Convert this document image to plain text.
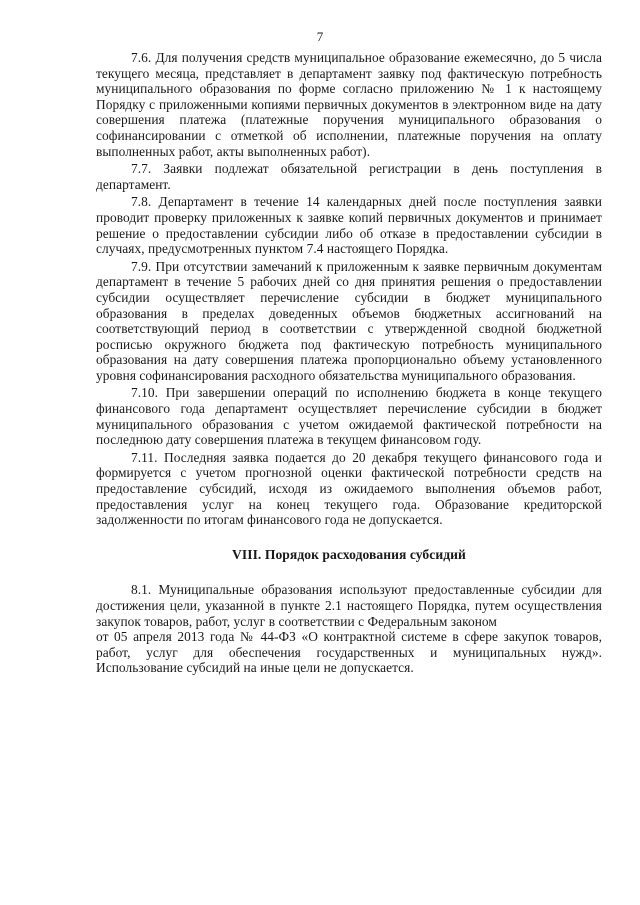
7

7.6. Для получения средств муниципальное образование ежемесячно, до 5 числа текущего месяца, представляет в департамент заявку под фактическую потребность муниципального образования по форме согласно приложению № 1 к настоящему Порядку с приложенными копиями первичных документов в электронном виде на дату совершения платежа (платежные поручения муниципального образования о софинансировании с отметкой об исполнении, платежные поручения на оплату выполненных работ, акты выполненных работ).

7.7. Заявки подлежат обязательной регистрации в день поступления в департамент.

7.8. Департамент в течение 14 календарных дней после поступления заявки проводит проверку приложенных к заявке копий первичных документов и принимает решение о предоставлении субсидии либо об отказе в предоставлении субсидии в случаях, предусмотренных пунктом 7.4 настоящего Порядка.

7.9. При отсутствии замечаний к приложенным к заявке первичным документам департамент в течение 5 рабочих дней со дня принятия решения о предоставлении субсидии осуществляет перечисление субсидии в бюджет муниципального образования в пределах доведенных объемов бюджетных ассигнований на соответствующий период в соответствии с утвержденной сводной бюджетной росписью окружного бюджета под фактическую потребность муниципального образования на дату совершения платежа пропорционально объему установленного уровня софинансирования расходного обязательства муниципального образования.

7.10. При завершении операций по исполнению бюджета в конце текущего финансового года департамент осуществляет перечисление субсидии в бюджет муниципального образования с учетом ожидаемой фактической потребности на последнюю дату совершения платежа в текущем финансовом году.

7.11. Последняя заявка подается до 20 декабря текущего финансового года и формируется с учетом прогнозной оценки фактической потребности средств на предоставление субсидий, исходя из ожидаемого выполнения объемов работ, предоставления услуг на конец текущего года. Образование кредиторской задолженности по итогам финансового года не допускается.

VIII. Порядок расходования субсидий

8.1. Муниципальные образования используют предоставленные субсидии для достижения цели, указанной в пункте 2.1 настоящего Порядка, путем осуществления закупок товаров, работ, услуг в соответствии с Федеральным законом

от 05 апреля 2013 года № 44-ФЗ «О контрактной системе в сфере закупок товаров, работ, услуг для обеспечения государственных и муниципальных нужд». Использование субсидий на иные цели не допускается.
